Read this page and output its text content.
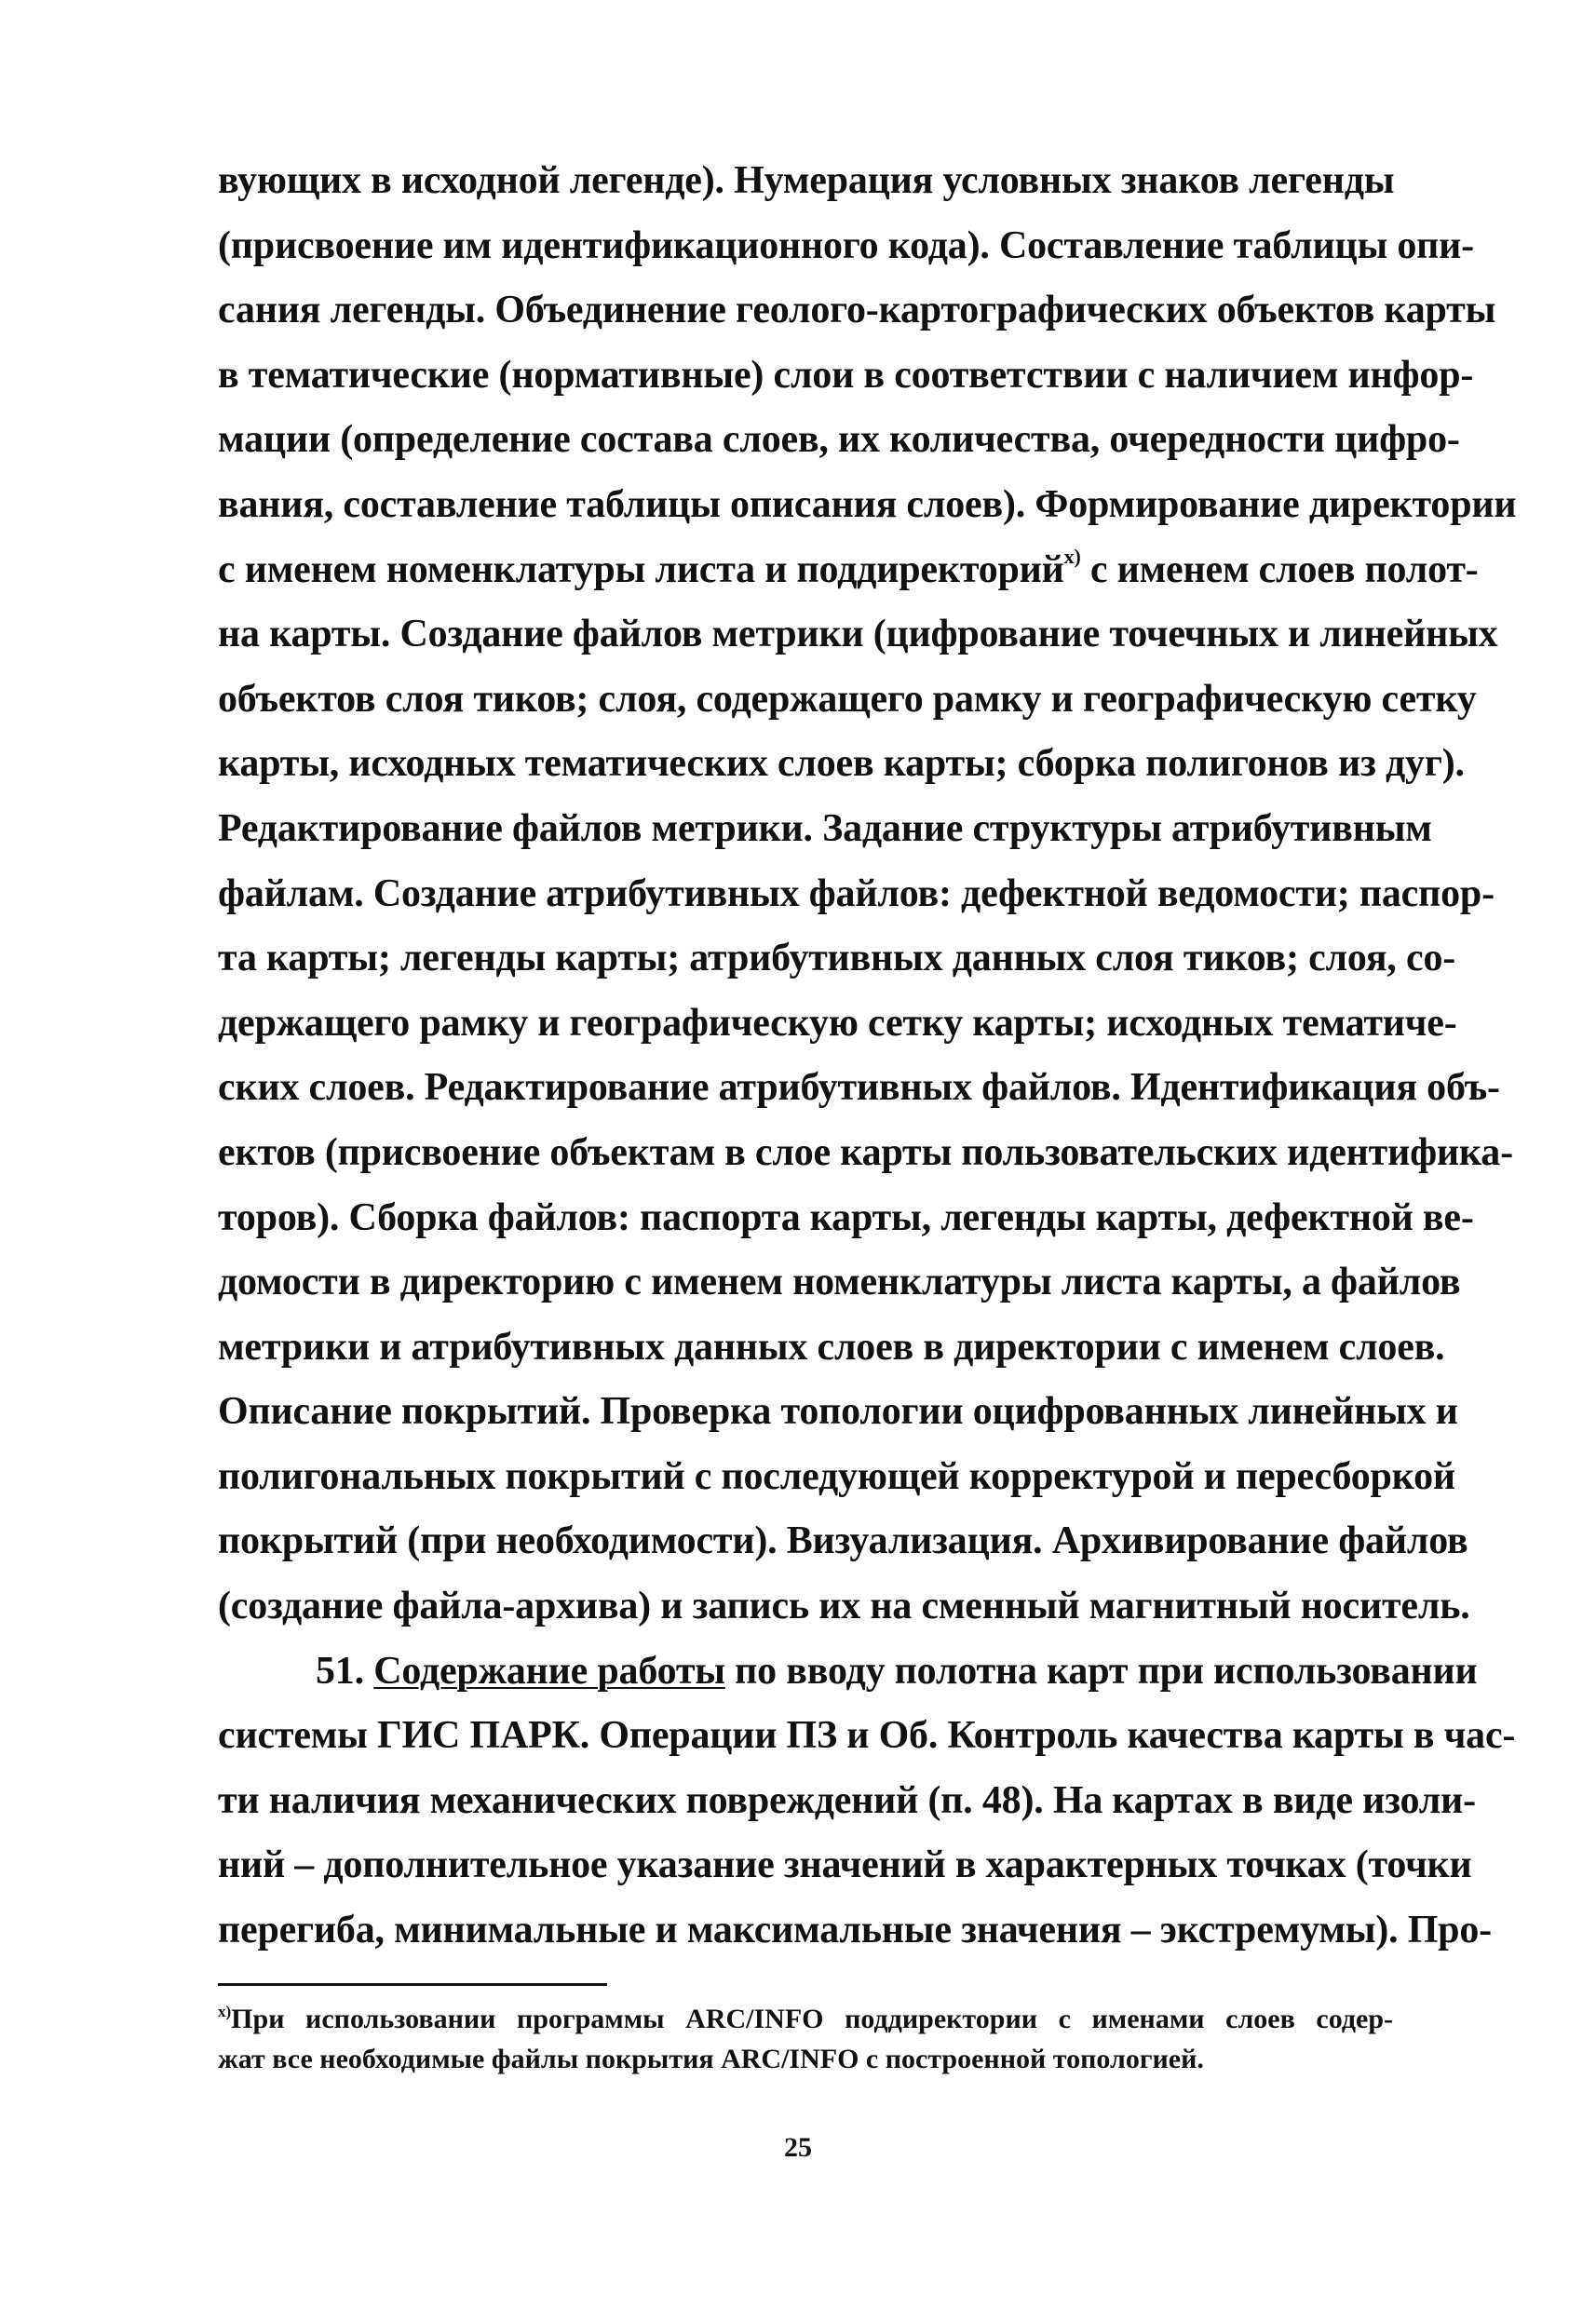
вующих в исходной легенде). Нумерация условных знаков легенды
(присвоение им идентификационного кода). Составление таблицы опи-
сания легенды. Объединение геолого-картографических объектов карты
в тематические (нормативные) слои в соответствии с наличием инфор-
мации (определение состава слоев, их количества, очередности цифро-
вания, составление таблицы описания слоев). Формирование директории
с именем номенклатуры листа и поддиректорий$^{x)}$ с именем слоев полот-
на карты. Создание файлов метрики (цифрование точечных и линейных
объектов слоя тиков; слоя, содержащего рамку и географическую сетку
карты, исходных тематических слоев карты; сборка полигонов из дуг).
Редактирование файлов метрики. Задание структуры атрибутивным
файлам. Создание атрибутивных файлов: дефектной ведомости; паспор-
та карты; легенды карты; атрибутивных данных слоя тиков; слоя, со-
держащего рамку и географическую сетку карты; исходных тематиче-
ских слоев. Редактирование атрибутивных файлов. Идентификация объ-
ектов (присвоение объектам в слое карты пользовательских идентифика-
торов). Сборка файлов: паспорта карты, легенды карты, дефектной ве-
домости в директорию с именем номенклатуры листа карты, а файлов
метрики и атрибутивных данных слоев в директории с именем слоев.
Описание покрытий. Проверка топологии оцифрованных линейных и
полигональных покрытий с последующей корректурой и пересборкой
покрытий (при необходимости). Визуализация. Архивирование файлов
(создание файла-архива) и запись их на сменный магнитный носитель.
51. Содержание работы по вводу полотна карт при использовании
системы ГИС ПАРК. Операции ПЗ и Об. Контроль качества карты в час-
ти наличия механических повреждений (п. 48). На картах в виде изоли-
ний – дополнительное указание значений в характерных точках (точки
перегиба, минимальные и максимальные значения – экстремумы). Про-
$^{x)}$При использовании программы ARC/INFO поддиректории с именами слоев содер-
жат все необходимые файлы покрытия ARC/INFO с построенной топологией.
25
